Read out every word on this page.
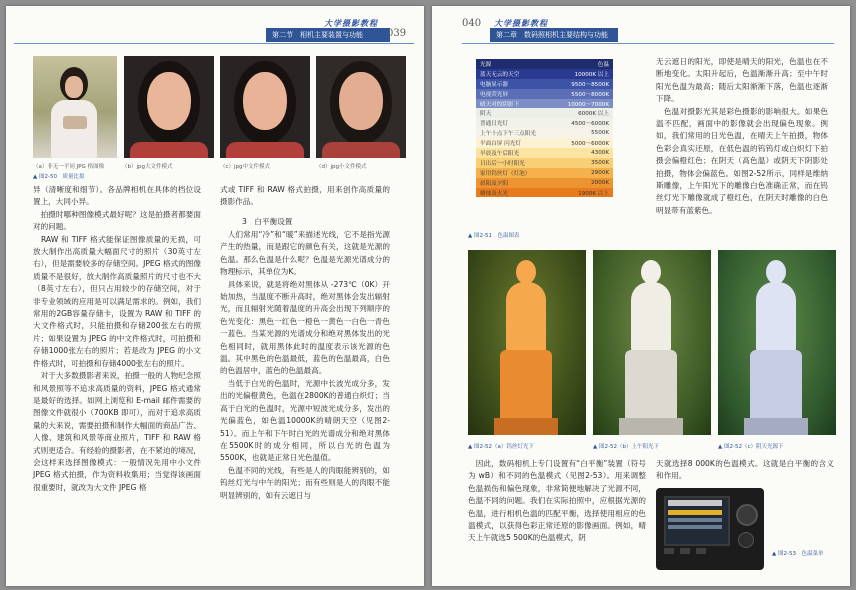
大学摄影教程
第二节　相机主要装置与功能	039
（a）非无一平同 JPG 格图像	（b）jpg大文件模式	（c）jpg中文件模式	（d）jpg小文件模式
▲ 图2-50　质量比拟

异（清晰度和细节）。各品牌相机在具体的档位设置上，大同小异。
　拍摄时哪种图像模式最好呢？这是拍摄者都要面对的问题。
　RAW 和 TIFF 格式能保证图像质量的无损，可放大制作出高质量大幅面尺寸的照片（30英寸左右），但是需要较多的存储空间。JPEG 格式的图像质量不是很好，放大制作高质量照片的尺寸也不大（8英寸左右），但只占用较少的存储空间，对于非专业领域的应用是可以满足需求的。例如，我们常用的2GB容量存储卡，设置为 RAW 和 TIFF 的大文件格式时，只能拍摄和存储200张左右的照片；如果设置为 JPEG 的中文件格式时，可拍摄和存储1000张左右的照片；若是改为 JPEG 的小文件格式时，可拍摄和存储4000张左右的照片。
　对于大多数摄影者来说，拍摄一般的人物纪念照和风景照等不追求高质量的资料，JPEG 格式通常是最好的选择。如网上浏览和 E-mail 邮件需要的图像文件就很小（700KB 即可），而对于追求高质量的大来说，需要拍摄和制作大幅面的商品广告、人像、建筑和风景等商业照片，TIFF 和 RAW 格式则更适合。有经验的摄影者，在不紧迫的境况，会这样来选择图像模式：一般情况先用中小文件 JPEG 格式拍摄，作为资料收集用；当觉得该画面很重要时，就改为大文件 JPEG 格

式或 TIFF 和 RAW 格式拍摄，用来创作高质量的摄影作品。

3　白平衡设置

　人们常用“冷”和“暖”来描述光线，它不是指光源产生的热量，而是跟它的颜色有关，这就是光源的色温。那么色温是什么呢？色温是光源光谱成分的物理标示，其单位为K。
　具体来说，就是将绝对黑体从 -273℃（0K）开始加热，当温度不断升高时，绝对黑体会发出辐射光，而且辐射光随着温度的升高会出现下列顺序的色光变化：黑色一红色一橙色一黄色一白色一青色一蓝色。当某光源的光谱成分和绝对黑体发出的光色相同时，就用黑体此时的温度表示该光源的色温。其中黑色的色温最低，蓝色的色温最高，白色的色温居中，蓝色的色温最高。
　当低于白光的色温时，光源中长波光成分多，发出的光偏橙黄色，色温在2800K的普通白炽灯；当高于白光的色温时，光源中短波光成分多，发出的光偏蓝色，如色温10000K的晴朗天空（见图2-51）。而上午和下午时白光的光谱成分和绝对黑体在5500K时的成分相同，所以白光的色温为5500K，也就是正常日光色温值。
　色温不同的光线，有些是人的肉眼能辨别的，如钨丝灯光与中午的阳光；而有些则是人的肉眼不能明显辨别的，如有云遮日与

040 大学摄影教程
第二章　数码照相机主要结构与功能
光源	色温
蓝天无云的天空	10000K 以上
电脑显示器	9500～8500K
电视荧光屏	5500～8000K
晴天对的阴影下	10000～7000K
阴天	6000K 以上
普通日光灯	4500～6000K
上午十点下午三点阳光	5500K
平面白屏 闪光灯	5000～6000K
早晨及午后阳光	4300K
日出后一小时阳光	3500K
家用钨丝灯（灯泡）	2900K
晨阳及夕阳	2000K
蜡烛及火光	1900K 以上
▲ 图2-51　色温图表

无云遮日的阳光，即使是晴天的阳光，色温也在不断地变化。太阳升起后，色温渐渐升高；至中午时阳光色温为最高；随后太阳渐渐下落，色温也逐渐下降。
　色温对摄影光其是彩色摄影的影响很大。如果色温不匹配，画面中的影像就会出现偏色现象。例如，我们常用的日光色温，在晴天上午拍摄，物体色彩会真实还原，在低色温的钨钨灯或白炽灯下拍摄会偏橙红色；在阴天（高色温）或阴天下阴影处拍摄，物体会偏蓝色。如图2-52所示，同样是维纳斯雕像，上午阳光下的雕像白色准确正常，而在钨丝灯光下雕像就成了橙红色，在阴天时雕像的白色明显带有蓝紫色。

▲ 图2-52（a）钨丝灯光下	▲ 图2-52（b）上午阳光下	▲ 图2-52（c）阴天光源下

　因此，数码相机上专门设置有“白平衡”装置（符号为 wB）和不同的色温模式（见图2-53）。用来调整色温损伤和偏色现象，非常简便地解决了光源不同，色温不同的问题。我们在实际拍照中，应根据光源的色温，进行相机色温的匹配平衡，选择使用相应的色温模式，以获得色彩正常还原的影像画面。例如，晴天上午就选5 500K的色温模式，阴

天就选择8 000K的色温模式。这就是白平衡的含义和作用。

▲ 图2-53　色温菜单
